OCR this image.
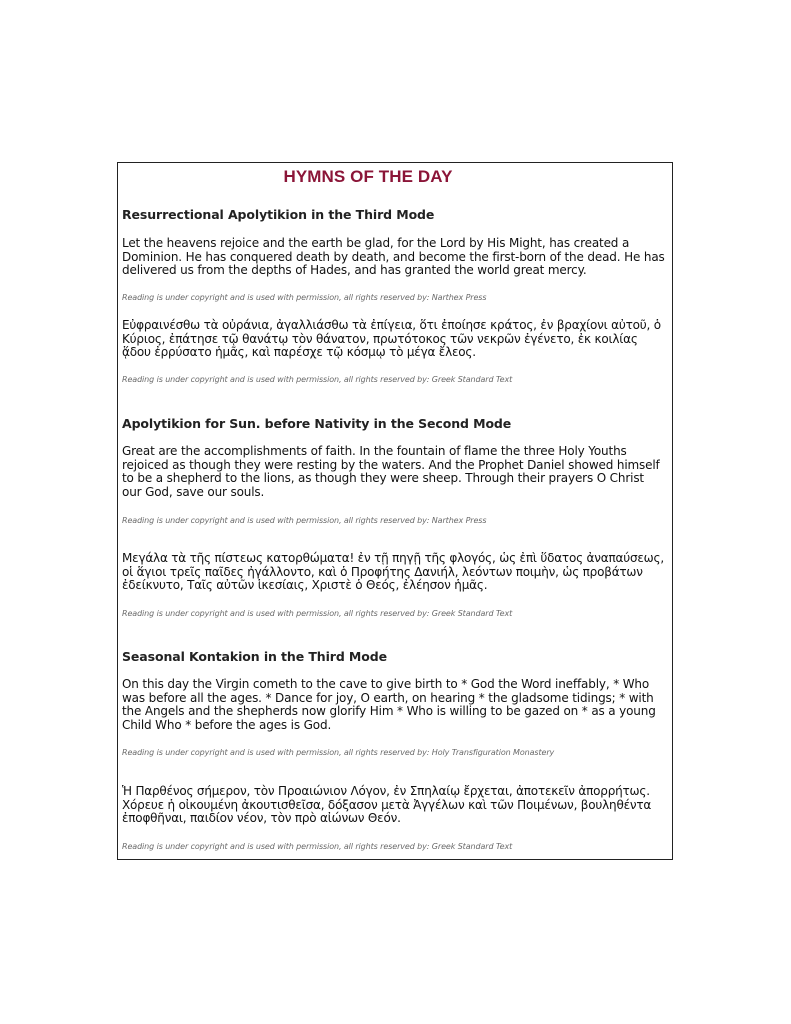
HYMNS OF THE DAY

Resurrectional Apolytikion in the Third Mode

Let the heavens rejoice and the earth be glad, for the Lord by His Might, has created a Dominion. He has conquered death by death, and become the first-born of the dead. He has delivered us from the depths of Hades, and has granted the world great mercy.

Reading is under copyright and is used with permission, all rights reserved by: Narthex Press

Εὐφραινέσθω τὰ οὐράνια, ἀγαλλιάσθω τὰ ἐπίγεια, ὅτι ἐποίησε κράτος, ἐν βραχίονι αὐτοῦ, ὁ Κύριος, ἐπάτησε τῷ θανάτῳ τὸν θάνατον, πρωτότοκος τῶν νεκρῶν ἐγένετο, ἐκ κοιλίας ᾅδου ἐρρύσατο ἡμᾶς, καὶ παρέσχε τῷ κόσμῳ τὸ μέγα ἔλεος.

Reading is under copyright and is used with permission, all rights reserved by: Greek Standard Text

Apolytikion for Sun. before Nativity in the Second Mode

Great are the accomplishments of faith. In the fountain of flame the three Holy Youths rejoiced as though they were resting by the waters. And the Prophet Daniel showed himself to be a shepherd to the lions, as though they were sheep. Through their prayers O Christ our God, save our souls.

Reading is under copyright and is used with permission, all rights reserved by: Narthex Press

Μεγάλα τὰ τῆς πίστεως κατορθώματα! ἐν τῇ πηγῇ τῆς φλογός, ὡς ἐπὶ ὕδατος ἀναπαύσεως, οἱ ἅγιοι τρεῖς παῖδες ἠγάλλοντο, καὶ ὁ Προφήτης Δανιήλ, λεόντων ποιμὴν, ὡς προβάτων ἐδείκνυτο, Ταῖς αὐτῶν ἱκεσίαις, Χριστὲ ὁ Θεός, ἐλέησον ἡμᾶς.

Reading is under copyright and is used with permission, all rights reserved by: Greek Standard Text

Seasonal Kontakion in the Third Mode

On this day the Virgin cometh to the cave to give birth to * God the Word ineffably, * Who was before all the ages. * Dance for joy, O earth, on hearing * the gladsome tidings; * with the Angels and the shepherds now glorify Him * Who is willing to be gazed on * as a young Child Who * before the ages is God.

Reading is under copyright and is used with permission, all rights reserved by: Holy Transfiguration Monastery

Ἡ Παρθένος σήμερον, τὸν Προαιώνιον Λόγον, ἐν Σπηλαίῳ ἔρχεται, ἀποτεκεῖν ἀπορρήτως. Χόρευε ἡ οἰκουμένη ἀκουτισθεῖσα, δόξασον μετὰ Ἀγγέλων καὶ τῶν Ποιμένων, βουληθέντα ἐποφθῆναι, παιδίον νέον, τὸν πρὸ αἰώνων Θεόν.

Reading is under copyright and is used with permission, all rights reserved by: Greek Standard Text
